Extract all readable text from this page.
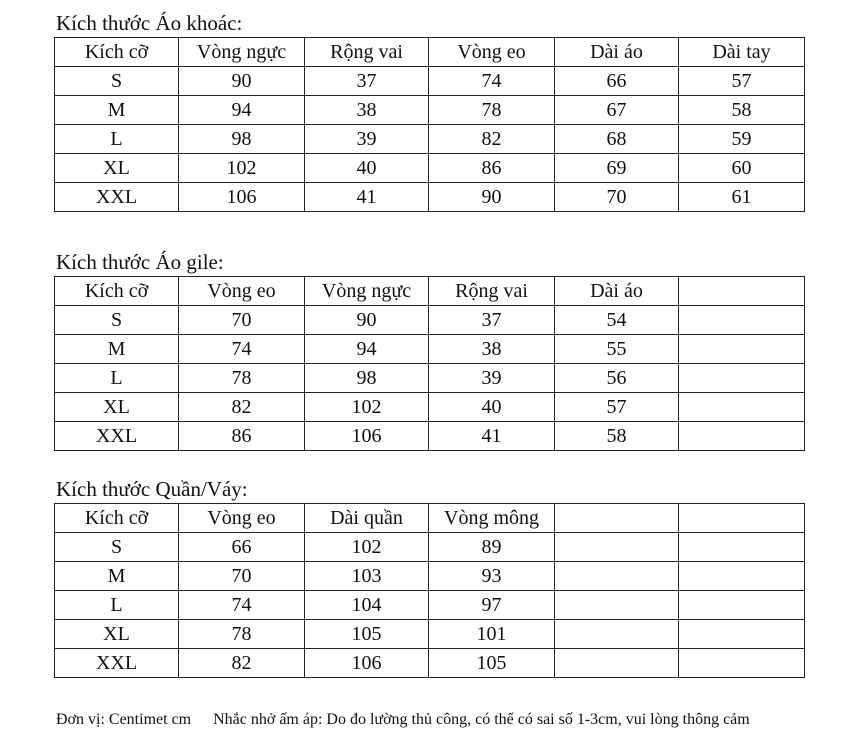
Kích thước Áo khoác:
Kích cỡ	Vòng ngực	Rộng vai	Vòng eo	Dài áo	Dài tay
S	90	37	74	66	57
M	94	38	78	67	58
L	98	39	82	68	59
XL	102	40	86	69	60
XXL	106	41	90	70	61
Kích thước Áo gile:
Kích cỡ	Vòng eo	Vòng ngực	Rộng vai	Dài áo	
S	70	90	37	54	
M	74	94	38	55	
L	78	98	39	56	
XL	82	102	40	57	
XXL	86	106	41	58	
Kích thước Quần/Váy:
Kích cỡ	Vòng eo	Dài quần	Vòng mông		
S	66	102	89		
M	70	103	93		
L	74	104	97		
XL	78	105	101		
XXL	82	106	105		
Đơn vị: Centimet cm Nhắc nhở ấm áp: Do đo lường thủ công, có thể có sai số 1-3cm, vui lòng thông cảm
